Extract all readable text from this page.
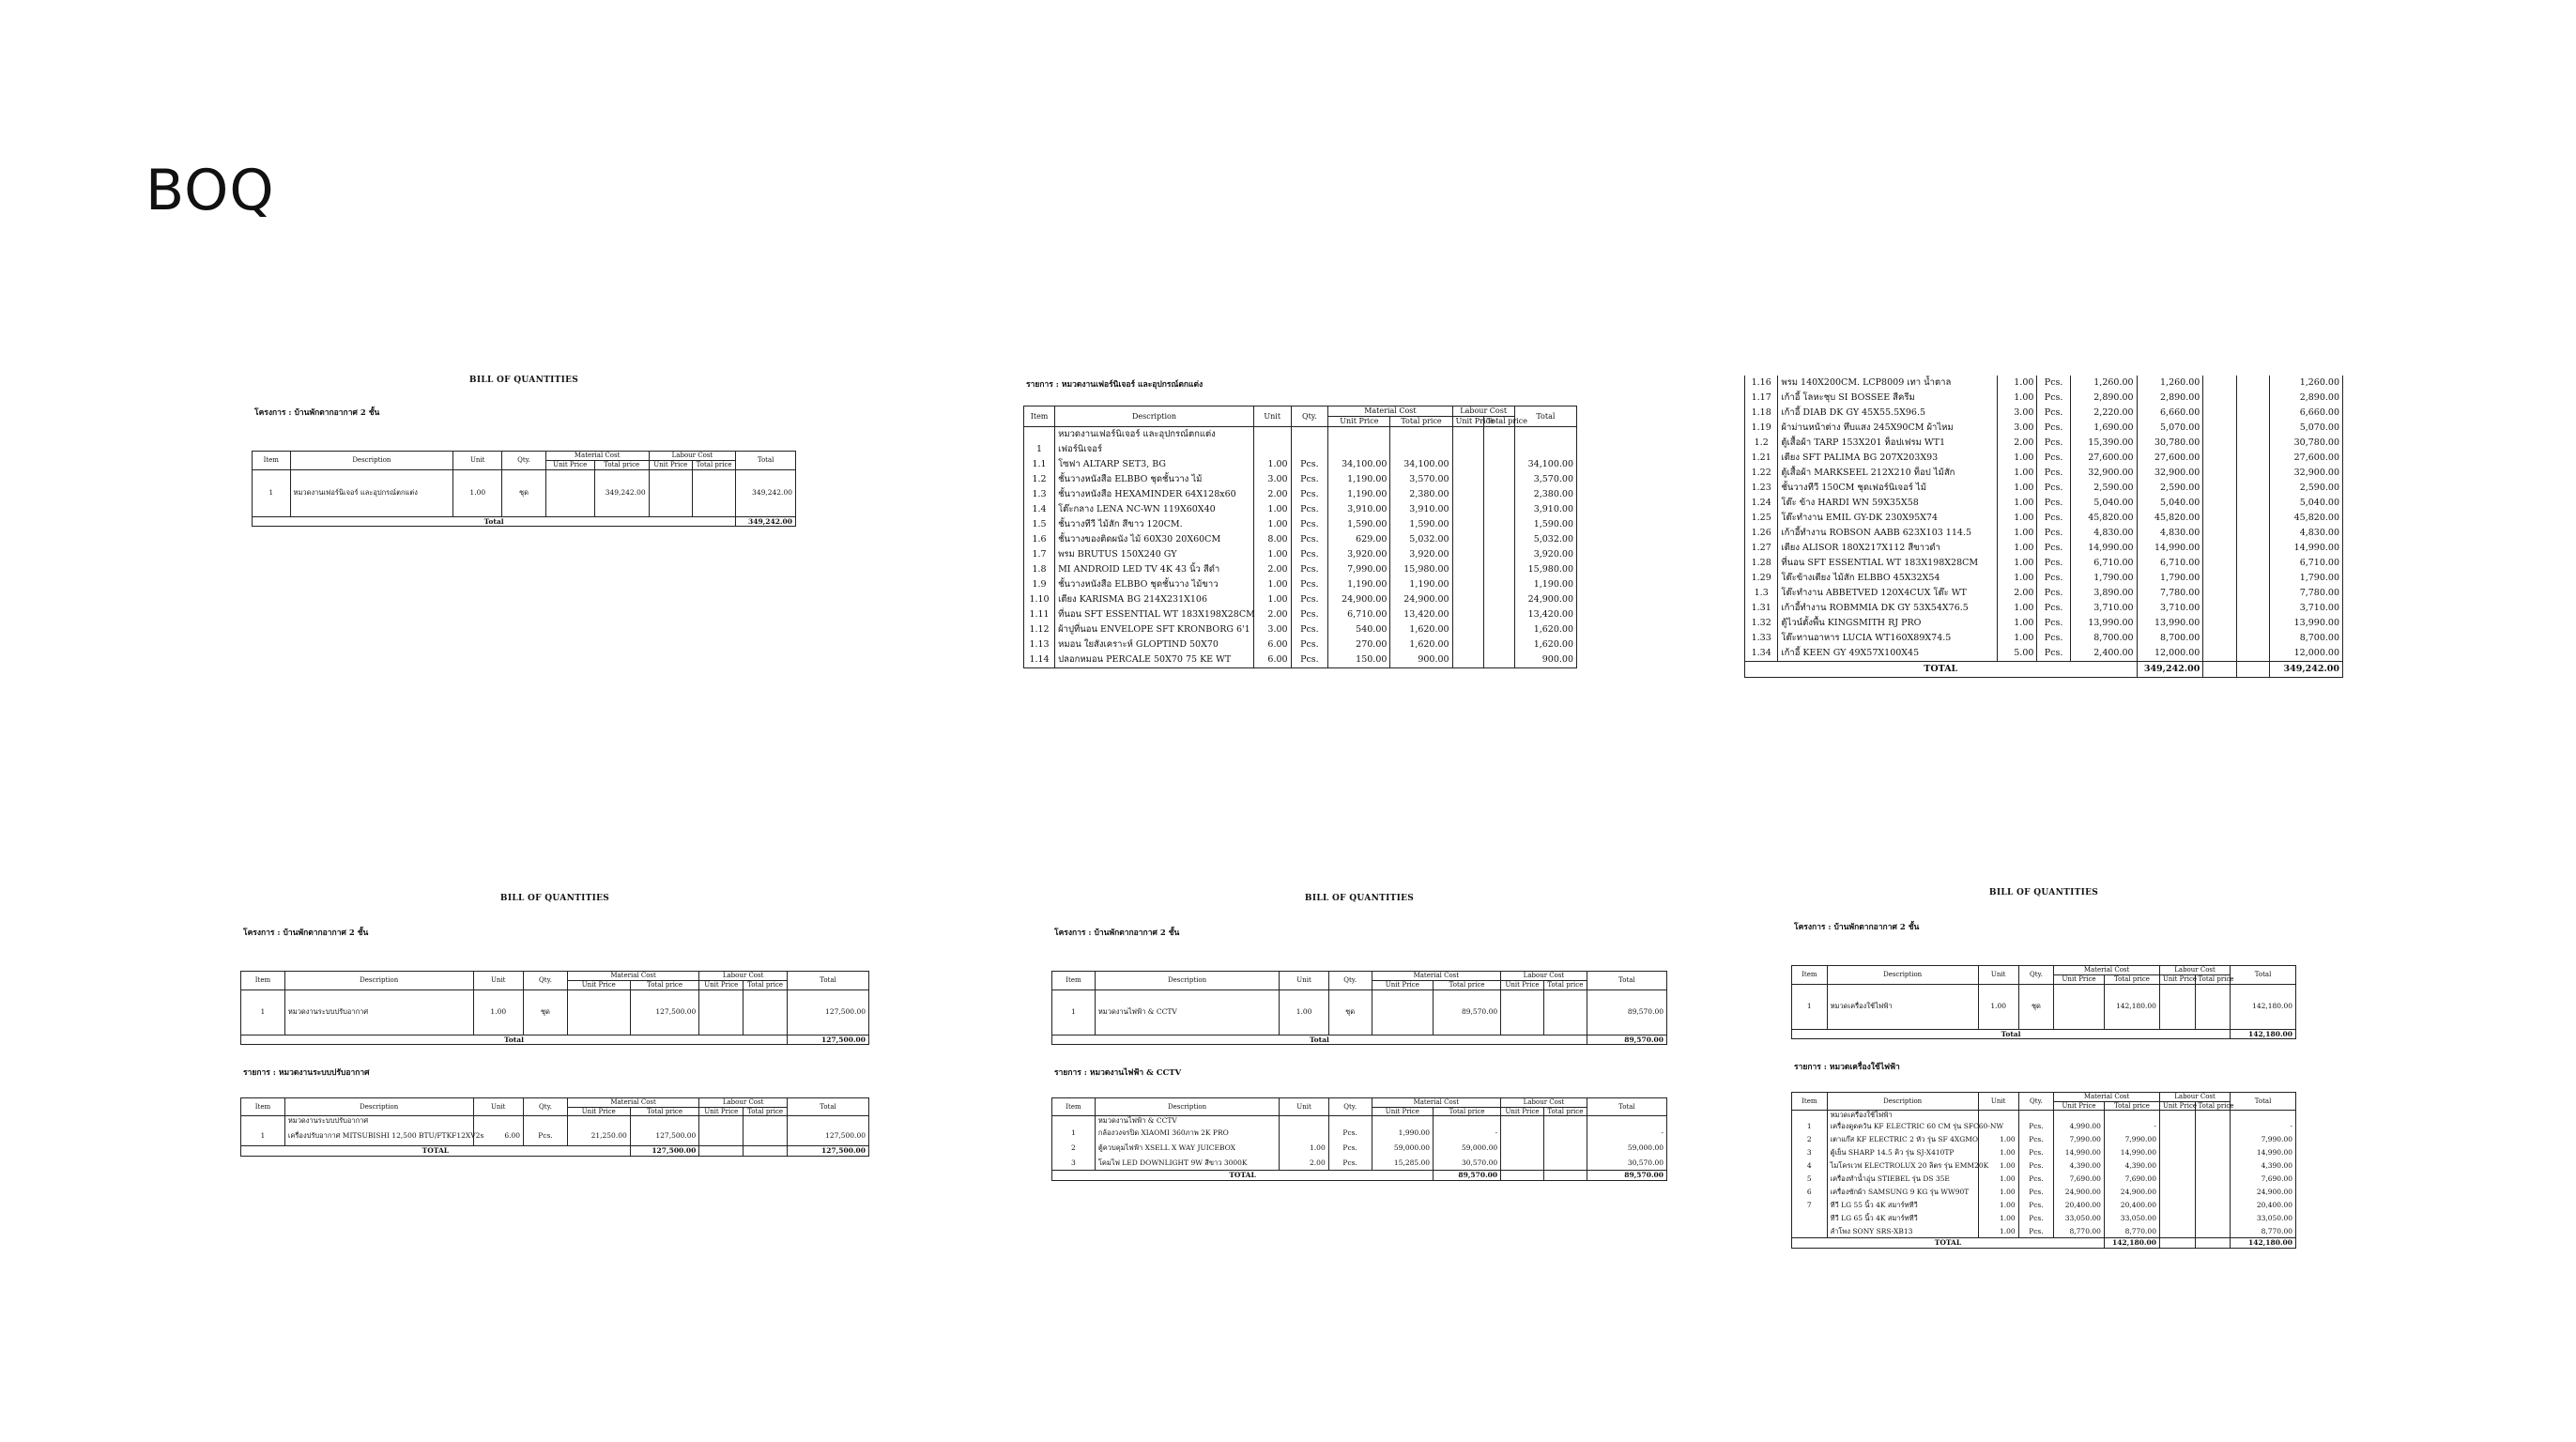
BOQ
BILL OF QUANTITIES

โครงการ : บ้านพักตากอากาศ 2 ชั้น

Item	Description	Unit	Qty.	Material Cost		Labour Cost		Total
				Unit Price	Total price	Unit Price	Total price	
1	หมวดงานเฟอร์นิเจอร์ และอุปกรณ์ตกแต่ง	1.00	ชุด		349,242.00			349,242.00
Total								349,242.00

รายการ : หมวดงานเฟอร์นิเจอร์ และอุปกรณ์ตกแต่ง

Item	Description	Unit	Qty.	Material Cost		Labour Cost		Total
				Unit Price	Total price	Unit Price	Total price	
	หมวดงานเฟอร์นิเจอร์ และอุปกรณ์ตกแต่ง							
1	เฟอร์นิเจอร์							
1.1	โซฟา ALTARP SET3, BG	1.00	Pcs.	34,100.00	34,100.00			34,100.00
1.2	ชั้นวางหนังสือ ELBBO ชุดชั้นวาง ไม้	3.00	Pcs.	1,190.00	3,570.00			3,570.00
1.3	ชั้นวางหนังสือ HEXAMINDER 64X128x60	2.00	Pcs.	1,190.00	2,380.00			2,380.00
1.4	โต๊ะกลาง LENA NC-WN 119X60X40	1.00	Pcs.	3,910.00	3,910.00			3,910.00
1.5	ชั้นวางทีวี ไม้สัก สีขาว 120CM.	1.00	Pcs.	1,590.00	1,590.00			1,590.00
1.6	ชั้นวางของติดผนัง ไม้ 60X30 20X60CM	8.00	Pcs.	629.00	5,032.00			5,032.00
1.7	พรม BRUTUS 150X240 GY	1.00	Pcs.	3,920.00	3,920.00			3,920.00
1.8	MI ANDROID LED TV 4K 43 นิ้ว สีดำ	2.00	Pcs.	7,990.00	15,980.00			15,980.00
1.9	ชั้นวางหนังสือ ELBBO ชุดชั้นวาง ไม้ขาว	1.00	Pcs.	1,190.00	1,190.00			1,190.00
1.10	เตียง KARISMA BG 214X231X106	1.00	Pcs.	24,900.00	24,900.00			24,900.00
1.11	ที่นอน SFT ESSENTIAL WT 183X198X28CM	2.00	Pcs.	6,710.00	13,420.00			13,420.00
1.12	ผ้าปูที่นอน ENVELOPE SFT KRONBORG 6'1	3.00	Pcs.	540.00	1,620.00			1,620.00
1.13	หมอน ใยสังเคราะห์ GLOPTIND 50X70	6.00	Pcs.	270.00	1,620.00			1,620.00
1.14	ปลอกหมอน PERCALE 50X70 75 KE WT	6.00	Pcs.	150.00	900.00			900.00
1.16	พรม 140X200CM. LCP8009 เทา น้ำตาล	1.00	Pcs.	1,260.00	1,260.00			1,260.00
1.17	เก้าอี้ โลหะชุบ SI BOSSEE สีครีม	1.00	Pcs.	2,890.00	2,890.00			2,890.00
1.18	เก้าอี้ DIAB DK GY 45X55.5X96.5	3.00	Pcs.	2,220.00	6,660.00			6,660.00
1.19	ผ้าม่านหน้าต่าง ทึบแสง 245X90CM ผ้าไหม	3.00	Pcs.	1,690.00	5,070.00			5,070.00
1.2	ตู้เสื้อผ้า TARP 153X201 ท็อปเฟรม WT1	2.00	Pcs.	15,390.00	30,780.00			30,780.00
1.21	เตียง SFT PALIMA BG 207X203X93	1.00	Pcs.	27,600.00	27,600.00			27,600.00
1.22	ตู้เสื้อผ้า MARKSEEL 212X210 ท็อป ไม้สัก	1.00	Pcs.	32,900.00	32,900.00			32,900.00
1.23	ชั้นวางทีวี 150CM ชุดเฟอร์นิเจอร์ ไม้	1.00	Pcs.	2,590.00	2,590.00			2,590.00
1.24	โต๊ะ ข้าง HARDI WN 59X35X58	1.00	Pcs.	5,040.00	5,040.00			5,040.00
1.25	โต๊ะทำงาน EMIL GY-DK 230X95X74	1.00	Pcs.	45,820.00	45,820.00			45,820.00
1.26	เก้าอี้ทำงาน ROBSON AABB 623X103 114.5	1.00	Pcs.	4,830.00	4,830.00			4,830.00
1.27	เตียง ALISOR 180X217X112 สีขาวดำ	1.00	Pcs.	14,990.00	14,990.00			14,990.00
1.28	ที่นอน SFT ESSENTIAL WT 183X198X28CM	1.00	Pcs.	6,710.00	6,710.00			6,710.00
1.29	โต๊ะข้างเตียง ไม้สัก ELBBO 45X32X54	1.00	Pcs.	1,790.00	1,790.00			1,790.00
1.3	โต๊ะทำงาน ABBETVED 120X4CUX โต๊ะ WT	2.00	Pcs.	3,890.00	7,780.00			7,780.00
1.31	เก้าอี้ทำงาน ROBMMIA DK GY 53X54X76.5	1.00	Pcs.	3,710.00	3,710.00			3,710.00
1.32	ตู้ไวน์ตั้งพื้น KINGSMITH RJ PRO	1.00	Pcs.	13,990.00	13,990.00			13,990.00
1.33	โต๊ะทานอาหาร LUCIA WT160X89X74.5	1.00	Pcs.	8,700.00	8,700.00			8,700.00
1.34	เก้าอี้ KEEN GY 49X57X100X45	5.00	Pcs.	2,400.00	12,000.00			12,000.00
TOTAL					349,242.00			349,242.00
BILL OF QUANTITIES

โครงการ : บ้านพักตากอากาศ 2 ชั้น

Item	Description	Unit	Qty.	Material Cost		Labour Cost		Total
				Unit Price	Total price	Unit Price	Total price	
1	หมวดงานระบบปรับอากาศ	1.00	ชุด		127,500.00			127,500.00
Total								127,500.00

รายการ : หมวดงานระบบปรับอากาศ

Item	Description	Unit	Qty.	Material Cost		Labour Cost		Total
				Unit Price	Total price	Unit Price	Total price	
	หมวดงานระบบปรับอากาศ							
1	เครื่องปรับอากาศ MITSUBISHI 12,500 BTU/FTKF12XV2s	6.00	Pcs.	21,250.00	127,500.00			127,500.00
TOTAL					127,500.00			127,500.00
BILL OF QUANTITIES

โครงการ : บ้านพักตากอากาศ 2 ชั้น

Item	Description	Unit	Qty.	Material Cost		Labour Cost		Total
				Unit Price	Total price	Unit Price	Total price	
1	หมวดงานไฟฟ้า & CCTV	1.00	ชุด		89,570.00			89,570.00
Total								89,570.00

รายการ : หมวดงานไฟฟ้า & CCTV

Item	Description	Unit	Qty.	Material Cost		Labour Cost		Total
				Unit Price	Total price	Unit Price	Total price	
	หมวดงานไฟฟ้า & CCTV							
1	กล้องวงจรปิด XIAOMI 360ภาพ 2K PRO		Pcs.	1,990.00	-			-
2	ตู้ควบคุมไฟฟ้า XSELL X WAY JUICEBOX	1.00	Pcs.	59,000.00	59,000.00			59,000.00
3	โคมไฟ LED DOWNLIGHT 9W สีขาว 3000K	2.00	Pcs.	15,285.00	30,570.00			30,570.00
TOTAL					89,570.00			89,570.00
BILL OF QUANTITIES

โครงการ : บ้านพักตากอากาศ 2 ชั้น

Item	Description	Unit	Qty.	Material Cost		Labour Cost		Total
				Unit Price	Total price	Unit Price	Total price	
1	หมวดเครื่องใช้ไฟฟ้า	1.00	ชุด		142,180.00			142,180.00
Total								142,180.00

รายการ : หมวดเครื่องใช้ไฟฟ้า

Item	Description	Unit	Qty.	Material Cost		Labour Cost		Total
				Unit Price	Total price	Unit Price	Total price	
	หมวดเครื่องใช้ไฟฟ้า							
1	เครื่องดูดควัน KF ELECTRIC 60 CM รุ่น SFC60-NW		Pcs.	4,990.00	-			-
2	เตาแก๊ส KF ELECTRIC 2 หัว รุ่น SF 4XGMO	1.00	Pcs.	7,990.00	7,990.00			7,990.00
3	ตู้เย็น SHARP 14.5 คิว รุ่น SJ-X410TP	1.00	Pcs.	14,990.00	14,990.00			14,990.00
4	ไมโครเวฟ ELECTROLUX 20 ลิตร รุ่น EMM20K	1.00	Pcs.	4,390.00	4,390.00			4,390.00
5	เครื่องทำน้ำอุ่น STIEBEL รุ่น DS 35E	1.00	Pcs.	7,690.00	7,690.00			7,690.00
6	เครื่องซักผ้า SAMSUNG 9 KG รุ่น WW90T	1.00	Pcs.	24,900.00	24,900.00			24,900.00
7	ทีวี LG 55 นิ้ว 4K สมาร์ททีวี	1.00	Pcs.	20,400.00	20,400.00			20,400.00
	ทีวี LG 65 นิ้ว 4K สมาร์ททีวี	1.00	Pcs.	33,050.00	33,050.00			33,050.00
	ลำโพง SONY SRS-XB13	1.00	Pcs.	8,770.00	8,770.00			8,770.00
TOTAL					142,180.00			142,180.00
